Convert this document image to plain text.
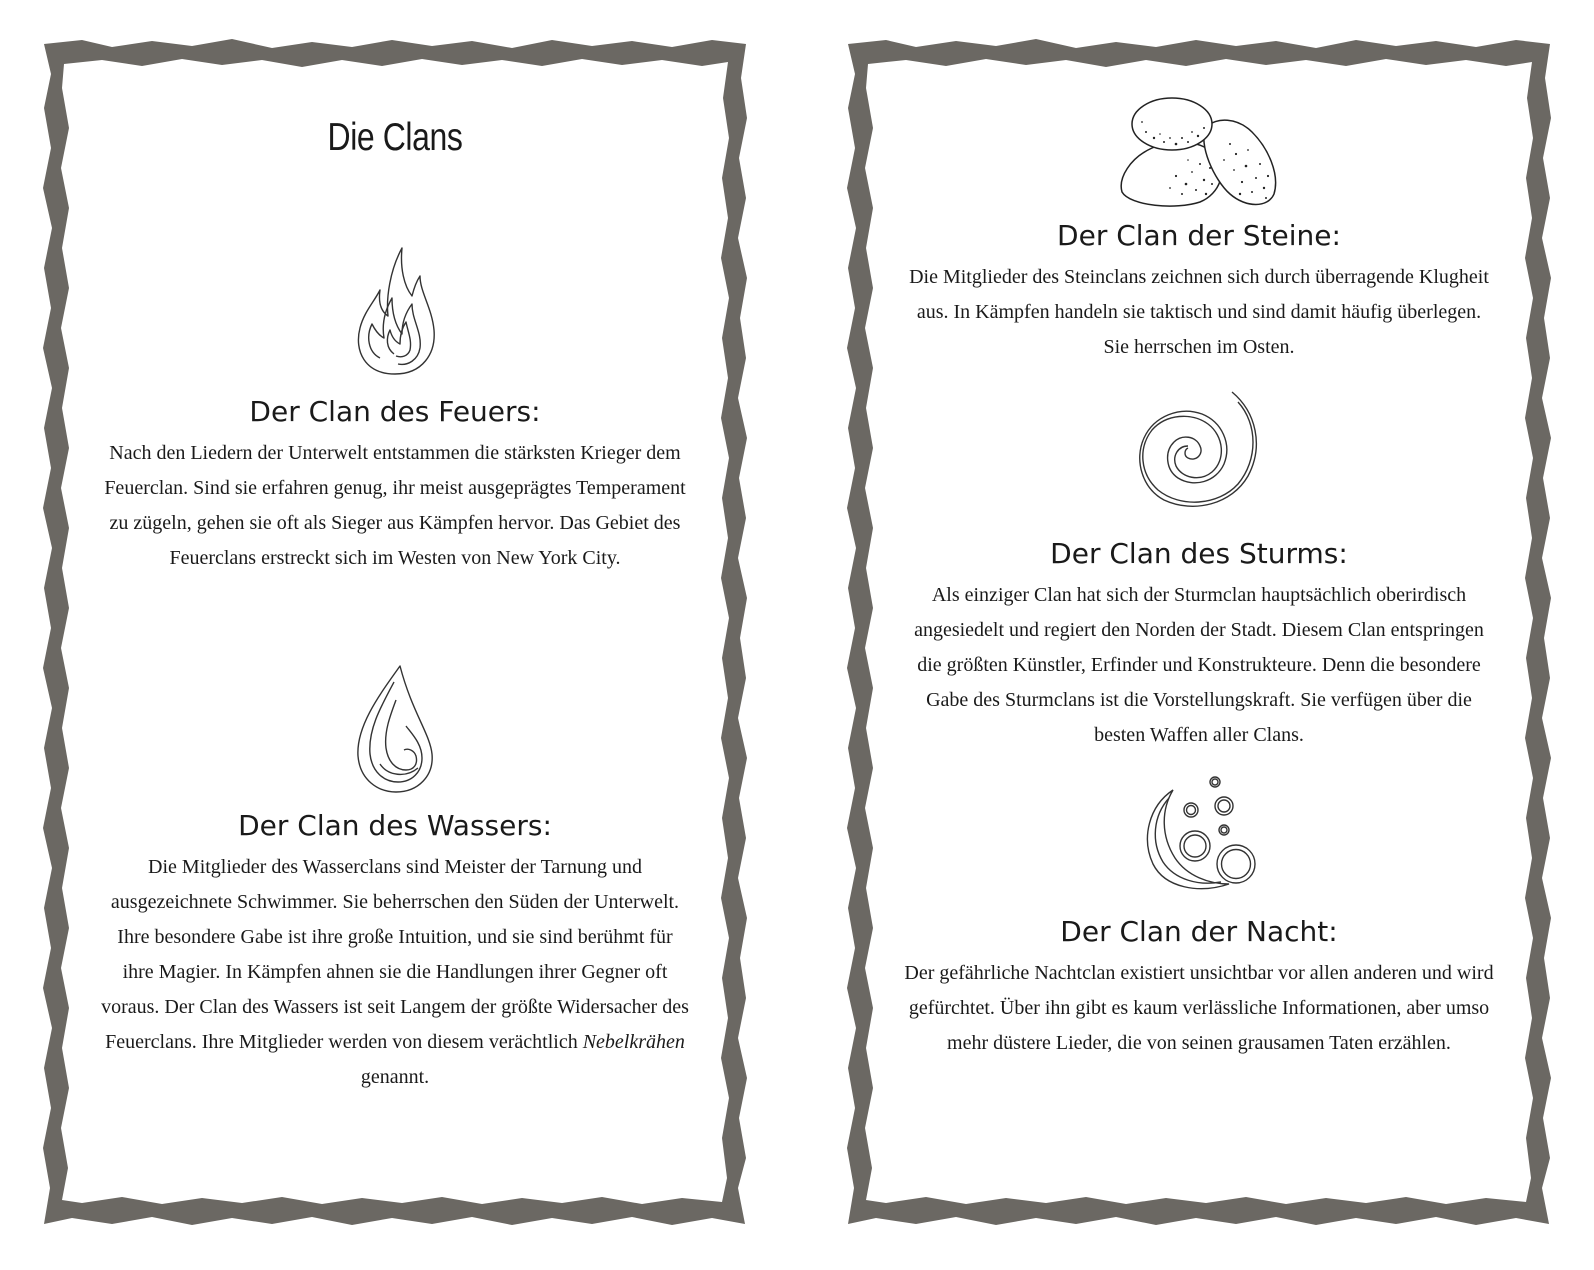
Die Clans
Der Clan des Feuers:

Nach den Liedern der Unterwelt entstammen die stärksten Krieger dem Feuerclan. Sind sie erfahren genug, ihr meist ausgeprägtes Temperament zu zügeln, gehen sie oft als Sieger aus Kämpfen hervor. Das Gebiet des Feuerclans erstreckt sich im Westen von New York City.

Der Clan des Wassers:

Die Mitglieder des Wasserclans sind Meister der Tarnung und ausgezeichnete Schwimmer. Sie beherrschen den Süden der Unterwelt. Ihre besondere Gabe ist ihre große Intuition, und sie sind berühmt für ihre Magier. In Kämpfen ahnen sie die Handlungen ihrer Gegner oft voraus. Der Clan des Wassers ist seit Langem der größte Widersacher des Feuerclans. Ihre Mitglieder werden von diesem verächtlich Nebelkrähen genannt.

Der Clan der Steine:

Die Mitglieder des Steinclans zeichnen sich durch überragende Klugheit aus. In Kämpfen handeln sie taktisch und sind damit häufig überlegen. Sie herrschen im Osten.

Der Clan des Sturms:

Als einziger Clan hat sich der Sturmclan hauptsächlich oberirdisch angesiedelt und regiert den Norden der Stadt. Diesem Clan entspringen die größten Künstler, Erfinder und Konstrukteure. Denn die besondere Gabe des Sturmclans ist die Vorstellungskraft. Sie verfügen über die besten Waffen aller Clans.

Der Clan der Nacht:

Der gefährliche Nachtclan existiert unsichtbar vor allen anderen und wird gefürchtet. Über ihn gibt es kaum verlässliche Informationen, aber umso mehr düstere Lieder, die von seinen grausamen Taten erzählen.
